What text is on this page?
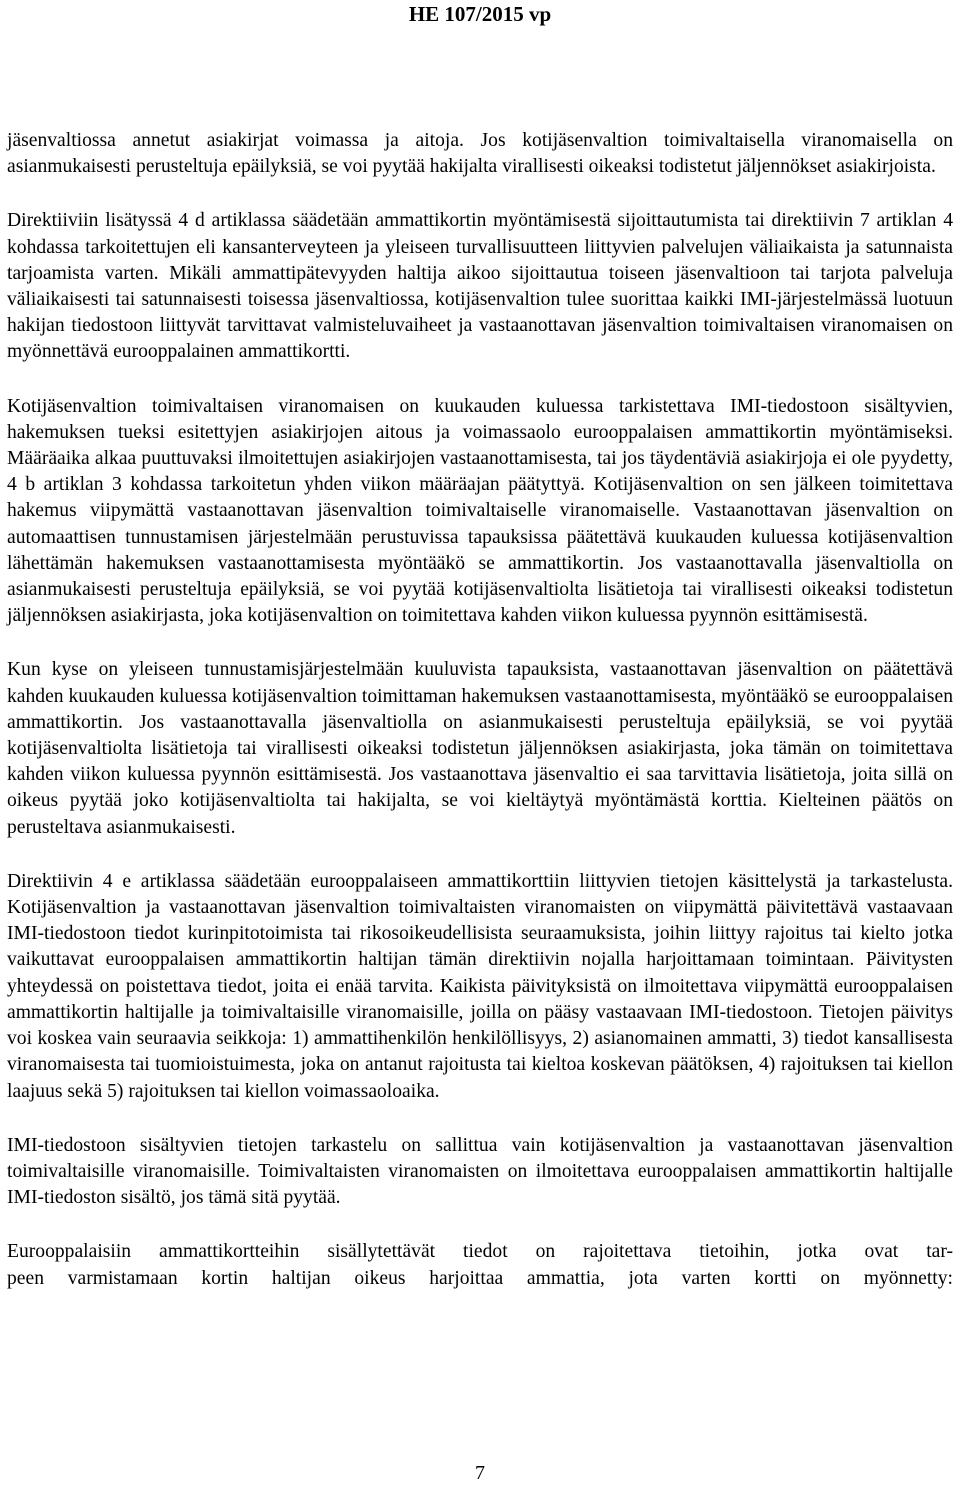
HE 107/2015 vp

jäsenvaltiossa annetut asiakirjat voimassa ja aitoja. Jos kotijäsenvaltion toimivaltaisella viranomaisella on asianmukaisesti perusteltuja epäilyksiä, se voi pyytää hakijalta virallisesti oikeaksi todistetut jäljennökset asiakirjoista.

Direktiiviin lisätyssä 4 d artiklassa säädetään ammattikortin myöntämisestä sijoittautumista tai direktiivin 7 artiklan 4 kohdassa tarkoitettujen eli kansanterveyteen ja yleiseen turvallisuutteen liittyvien palvelujen väliaikaista ja satunnaista tarjoamista varten. Mikäli ammattipätevyyden haltija aikoo sijoittautua toiseen jäsenvaltioon tai tarjota palveluja väliaikaisesti tai satunnaisesti toisessa jäsenvaltiossa, kotijäsenvaltion tulee suorittaa kaikki IMI-järjestelmässä luotuun hakijan tiedostoon liittyvät tarvittavat valmisteluvaiheet ja vastaanottavan jäsenvaltion toimivaltaisen viranomaisen on myönnettävä eurooppalainen ammattikortti.

Kotijäsenvaltion toimivaltaisen viranomaisen on kuukauden kuluessa tarkistettava IMI-tiedostoon sisältyvien, hakemuksen tueksi esitettyjen asiakirjojen aitous ja voimassaolo eurooppalaisen ammattikortin myöntämiseksi. Määräaika alkaa puuttuvaksi ilmoitettujen asiakirjojen vastaanottamisesta, tai jos täydentäviä asiakirjoja ei ole pyydetty, 4 b artiklan 3 kohdassa tarkoitetun yhden viikon määräajan päätyttyä. Kotijäsenvaltion on sen jälkeen toimitettava hakemus viipymättä vastaanottavan jäsenvaltion toimivaltaiselle viranomaiselle. Vastaanottavan jäsenvaltion on automaattisen tunnustamisen järjestelmään perustuvissa tapauksissa päätettävä kuukauden kuluessa kotijäsenvaltion lähettämän hakemuksen vastaanottamisesta myöntääkö se ammattikortin. Jos vastaanottavalla jäsenvaltiolla on asianmukaisesti perusteltuja epäilyksiä, se voi pyytää kotijäsenvaltiolta lisätietoja tai virallisesti oikeaksi todistetun jäljennöksen asiakirjasta, joka kotijäsenvaltion on toimitettava kahden viikon kuluessa pyynnön esittämisestä.

Kun kyse on yleiseen tunnustamisjärjestelmään kuuluvista tapauksista, vastaanottavan jäsenvaltion on päätettävä kahden kuukauden kuluessa kotijäsenvaltion toimittaman hakemuksen vastaanottamisesta, myöntääkö se eurooppalaisen ammattikortin. Jos vastaanottavalla jäsenvaltiolla on asianmukaisesti perusteltuja epäilyksiä, se voi pyytää kotijäsenvaltiolta lisätietoja tai virallisesti oikeaksi todistetun jäljennöksen asiakirjasta, joka tämän on toimitettava kahden viikon kuluessa pyynnön esittämisestä. Jos vastaanottava jäsenvaltio ei saa tarvittavia lisätietoja, joita sillä on oikeus pyytää joko kotijäsenvaltiolta tai hakijalta, se voi kieltäytyä myöntämästä korttia. Kielteinen päätös on perusteltava asianmukaisesti.

Direktiivin 4 e artiklassa säädetään eurooppalaiseen ammattikorttiin liittyvien tietojen käsittelystä ja tarkastelusta. Kotijäsenvaltion ja vastaanottavan jäsenvaltion toimivaltaisten viranomaisten on viipymättä päivitettävä vastaavaan IMI-tiedostoon tiedot kurinpitotoimista tai rikosoikeudellisista seuraamuksista, joihin liittyy rajoitus tai kielto jotka vaikuttavat eurooppalaisen ammattikortin haltijan tämän direktiivin nojalla harjoittamaan toimintaan. Päivitysten yhteydessä on poistettava tiedot, joita ei enää tarvita. Kaikista päivityksistä on ilmoitettava viipymättä eurooppalaisen ammattikortin haltijalle ja toimivaltaisille viranomaisille, joilla on pääsy vastaavaan IMI-tiedostoon. Tietojen päivitys voi koskea vain seuraavia seikkoja: 1) ammattihenkilön henkilöllisyys, 2) asianomainen ammatti, 3) tiedot kansallisesta viranomaisesta tai tuomioistuimesta, joka on antanut rajoitusta tai kieltoa koskevan päätöksen, 4) rajoituksen tai kiellon laajuus sekä 5) rajoituksen tai kiellon voimassaoloaika.

IMI-tiedostoon sisältyvien tietojen tarkastelu on sallittua vain kotijäsenvaltion ja vastaanottavan jäsenvaltion toimivaltaisille viranomaisille. Toimivaltaisten viranomaisten on ilmoitettava eurooppalaisen ammattikortin haltijalle IMI-tiedoston sisältö, jos tämä sitä pyytää.

Eurooppalaisiin ammattikortteihin sisällytettävät tiedot on rajoitettava tietoihin, jotka ovat tar-
peen varmistamaan kortin haltijan oikeus harjoittaa ammattia, jota varten kortti on myönnetty:
7
